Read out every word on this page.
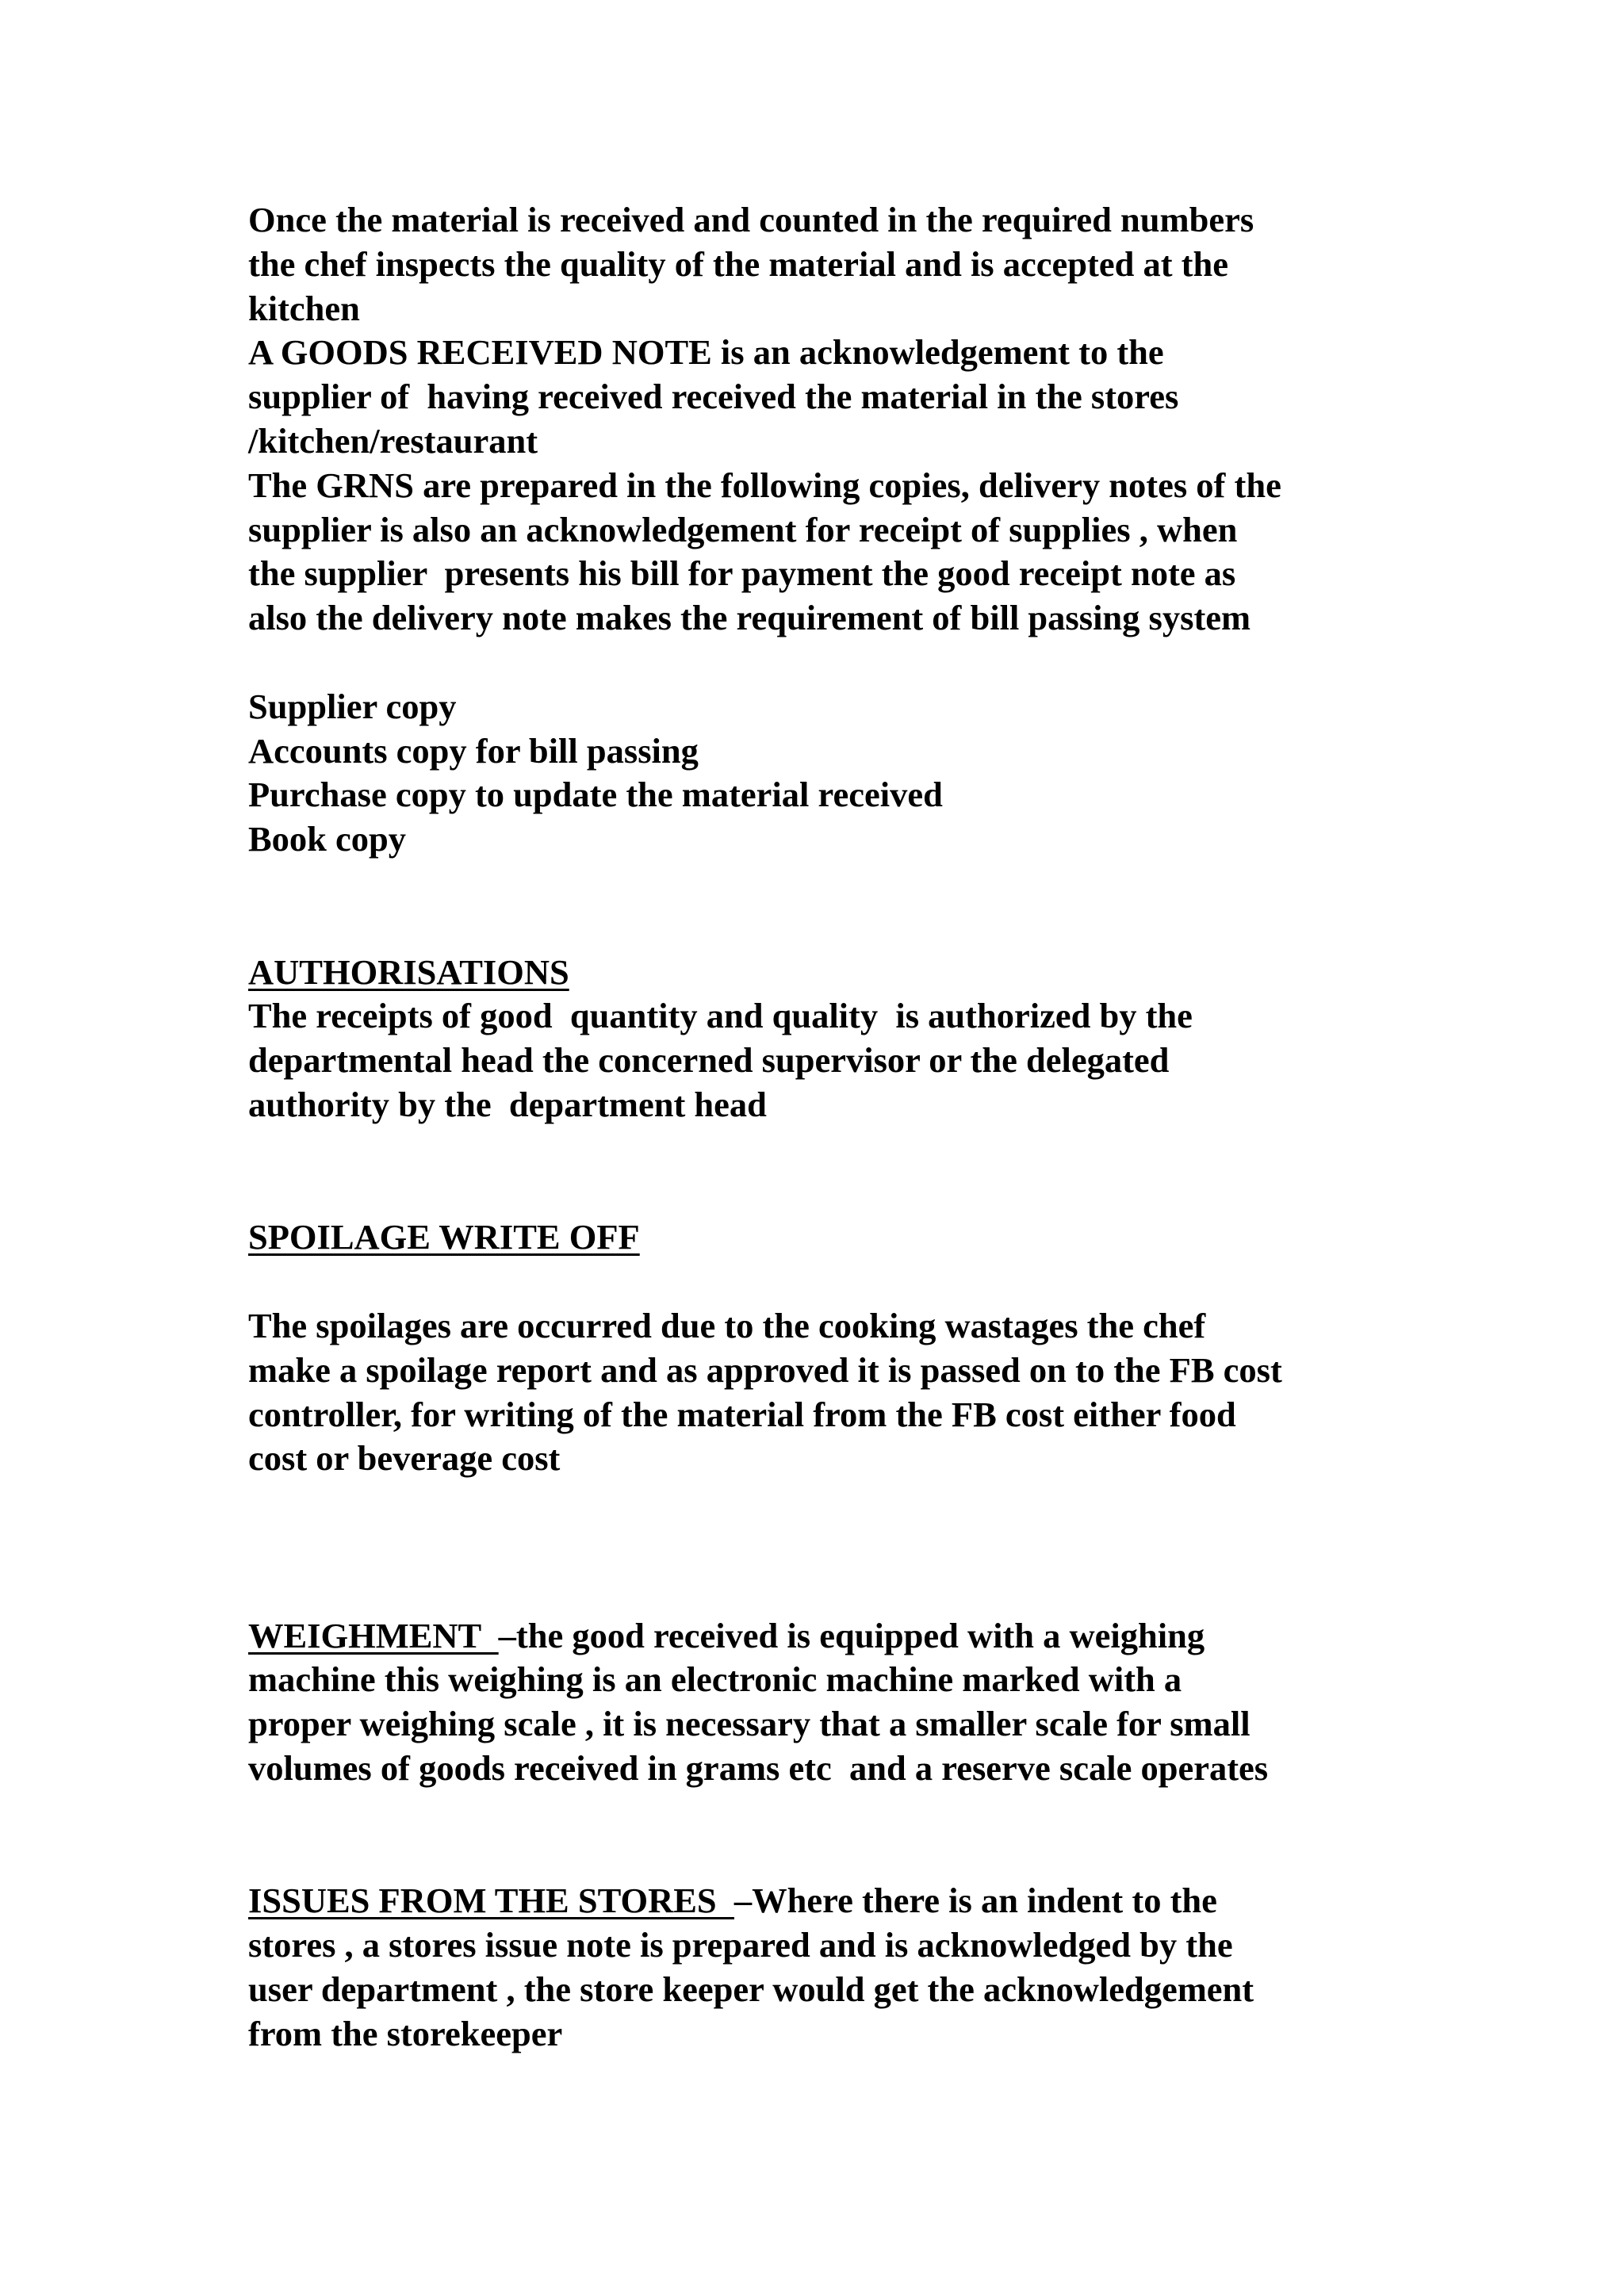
Once the material is received and counted in the required numbers
the chef inspects the quality of the material and is accepted at the
kitchen
A GOODS RECEIVED NOTE is an acknowledgement to the
supplier of  having received received the material in the stores
/kitchen/restaurant
The GRNS are prepared in the following copies, delivery notes of the
supplier is also an acknowledgement for receipt of supplies , when
the supplier  presents his bill for payment the good receipt note as
also the delivery note makes the requirement of bill passing system
Supplier copy
Accounts copy for bill passing
Purchase copy to update the material received
Book copy
AUTHORISATIONS
The receipts of good  quantity and quality  is authorized by the
departmental head the concerned supervisor or the delegated
authority by the  department head
SPOILAGE WRITE OFF
The spoilages are occurred due to the cooking wastages the chef
make a spoilage report and as approved it is passed on to the FB cost
controller, for writing of the material from the FB cost either food
cost or beverage cost
WEIGHMENT  –the good received is equipped with a weighing
machine this weighing is an electronic machine marked with a
proper weighing scale , it is necessary that a smaller scale for small
volumes of goods received in grams etc  and a reserve scale operates
ISSUES FROM THE STORES  –Where there is an indent to the
stores , a stores issue note is prepared and is acknowledged by the
user department , the store keeper would get the acknowledgement
from the storekeeper
